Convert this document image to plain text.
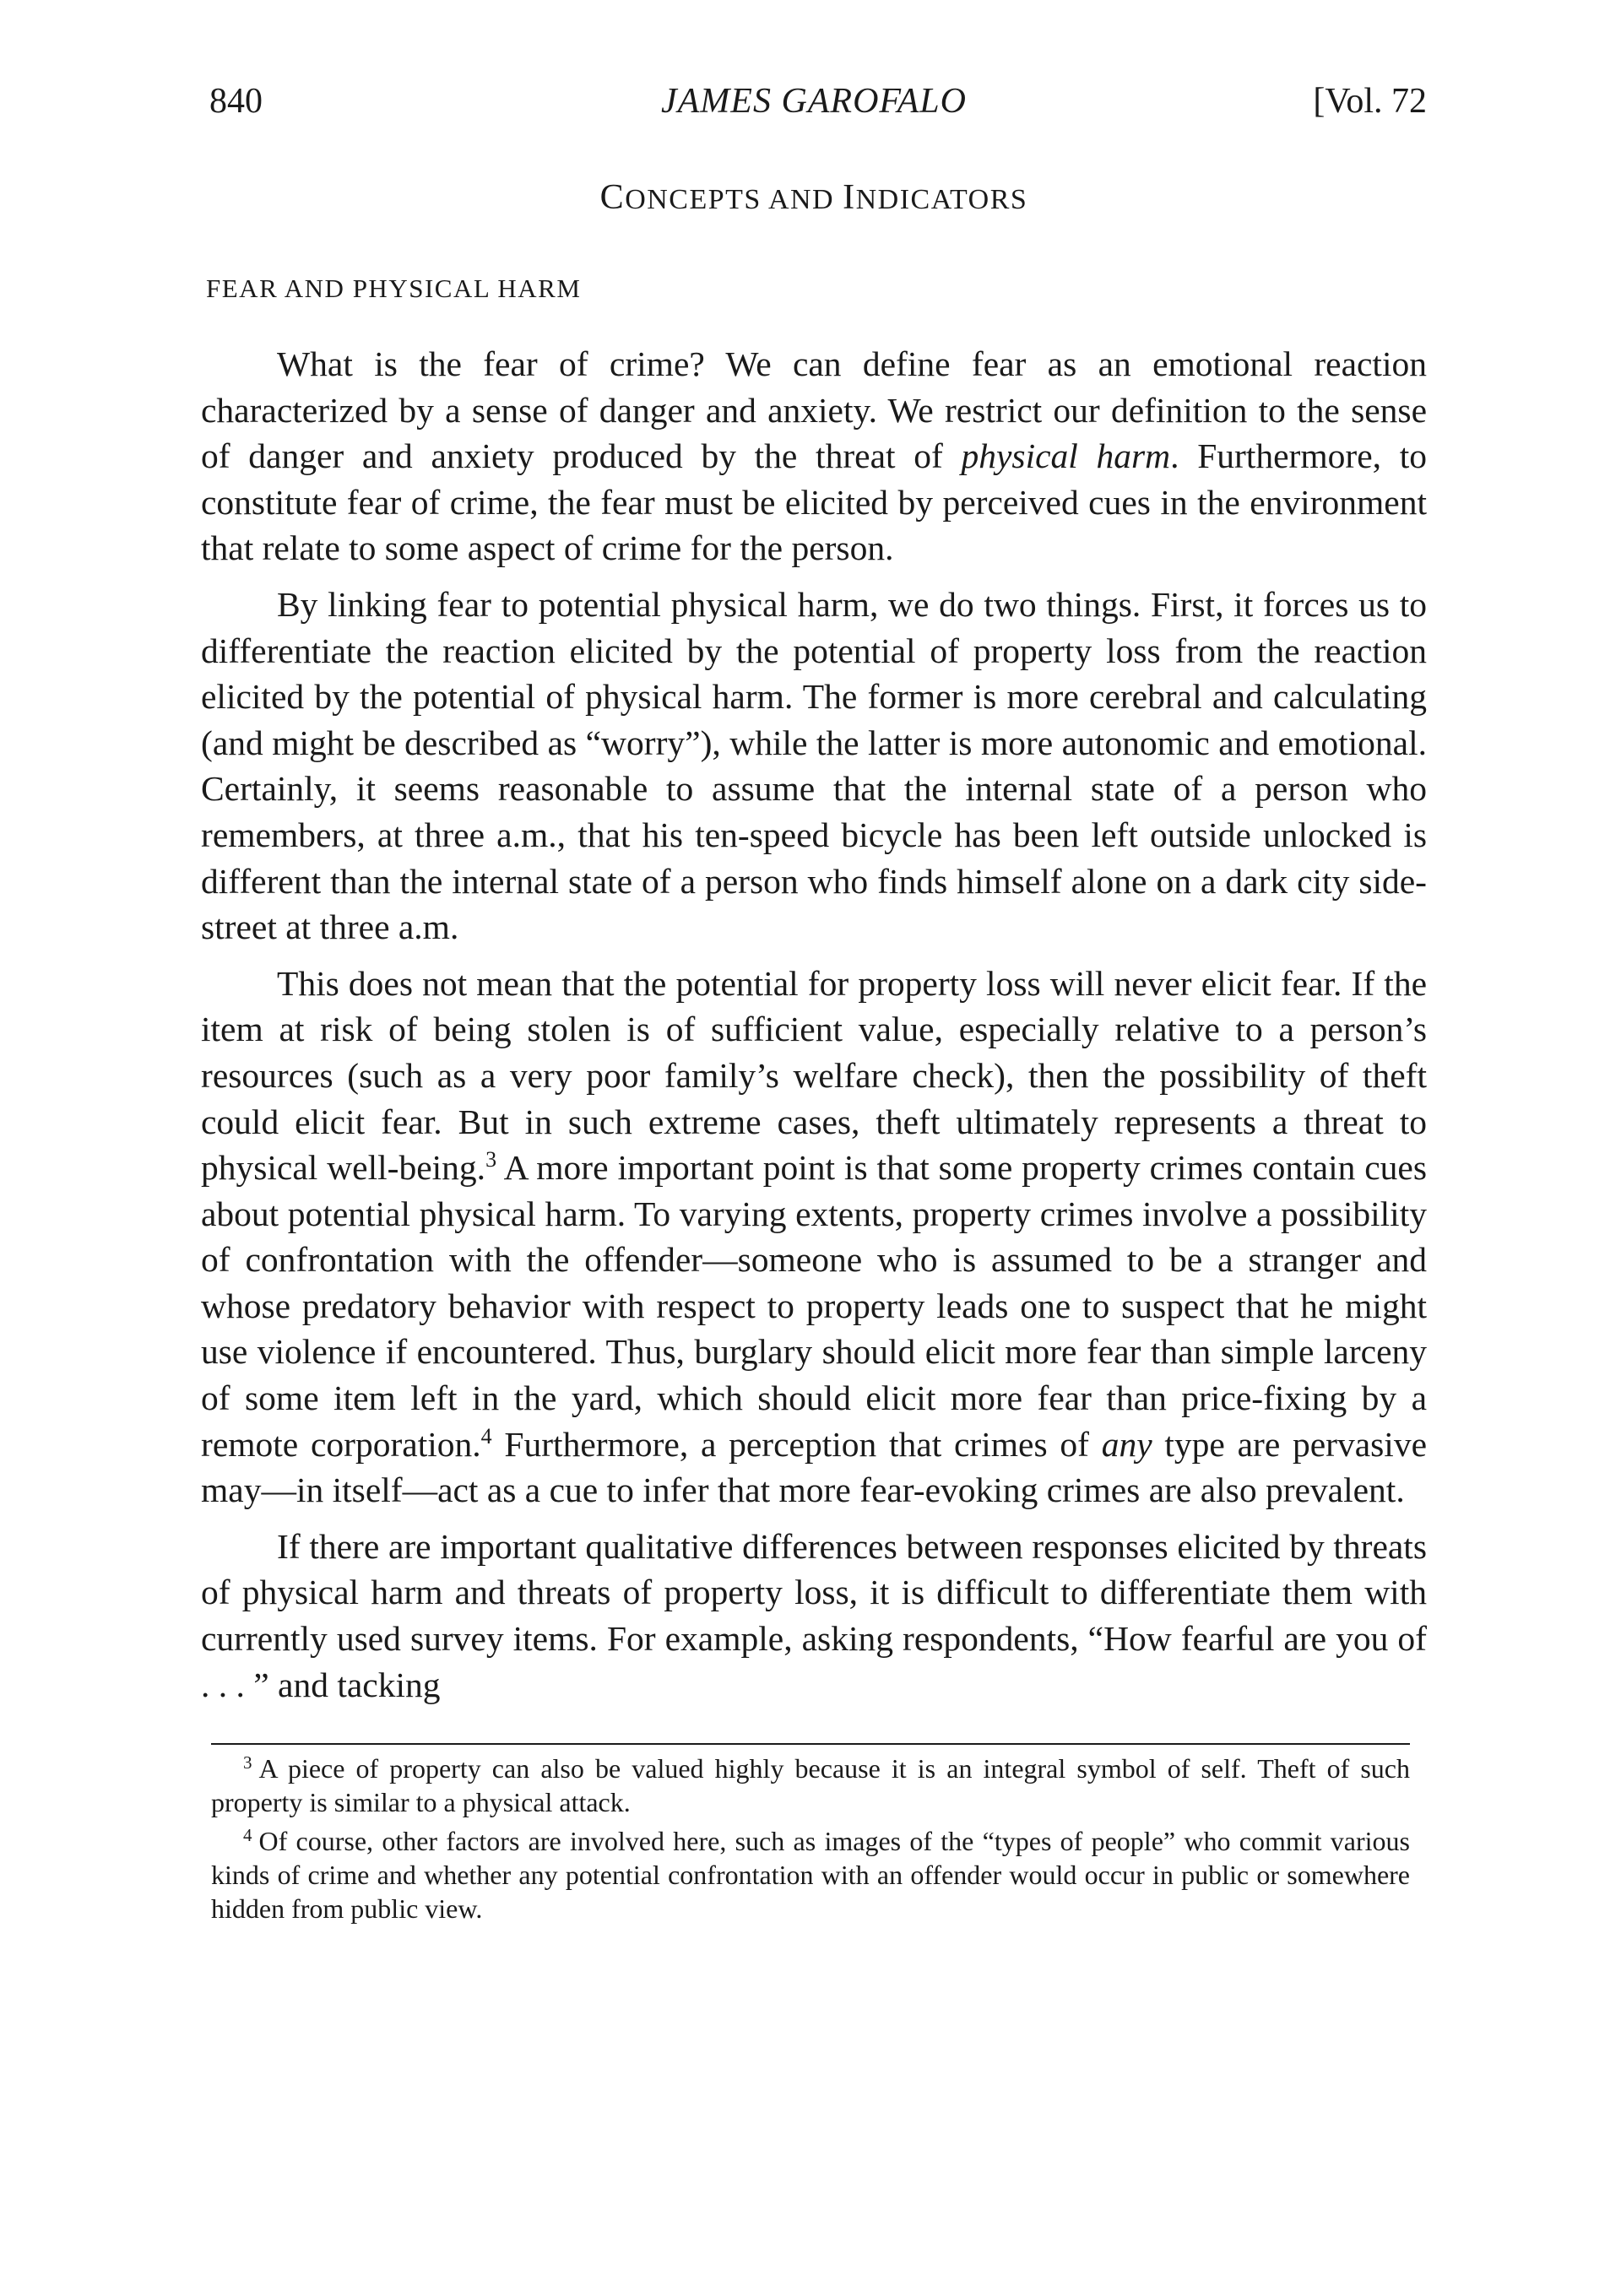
840	JAMES GAROFALO	[Vol. 72
CONCEPTS AND INDICATORS
FEAR AND PHYSICAL HARM

What is the fear of crime? We can define fear as an emotional reaction characterized by a sense of danger and anxiety. We restrict our definition to the sense of danger and anxiety produced by the threat of physical harm. Furthermore, to constitute fear of crime, the fear must be elicited by perceived cues in the environment that relate to some aspect of crime for the person.

By linking fear to potential physical harm, we do two things. First, it forces us to differentiate the reaction elicited by the potential of property loss from the reaction elicited by the potential of physical harm. The former is more cerebral and calculating (and might be described as “worry”), while the latter is more autonomic and emotional. Certainly, it seems reasonable to assume that the internal state of a person who remembers, at three a.m., that his ten-speed bicycle has been left outside unlocked is different than the internal state of a person who finds himself alone on a dark city side-street at three a.m.

This does not mean that the potential for property loss will never elicit fear. If the item at risk of being stolen is of sufficient value, especially relative to a person’s resources (such as a very poor family’s welfare check), then the possibility of theft could elicit fear. But in such extreme cases, theft ultimately represents a threat to physical well-being.$^3$ A more important point is that some property crimes contain cues about potential physical harm. To varying extents, property crimes involve a possibility of confrontation with the offender—someone who is assumed to be a stranger and whose predatory behavior with respect to property leads one to suspect that he might use violence if encountered. Thus, burglary should elicit more fear than simple larceny of some item left in the yard, which should elicit more fear than price-fixing by a remote corporation.$^4$ Furthermore, a perception that crimes of any type are pervasive may—in itself—act as a cue to infer that more fear-evoking crimes are also prevalent.

If there are important qualitative differences between responses elicited by threats of physical harm and threats of property loss, it is difficult to differentiate them with currently used survey items. For example, asking respondents, “How fearful are you of . . . ” and tacking

$^3$ A piece of property can also be valued highly because it is an integral symbol of self. Theft of such property is similar to a physical attack.

$^4$ Of course, other factors are involved here, such as images of the “types of people” who commit various kinds of crime and whether any potential confrontation with an offender would occur in public or somewhere hidden from public view.
